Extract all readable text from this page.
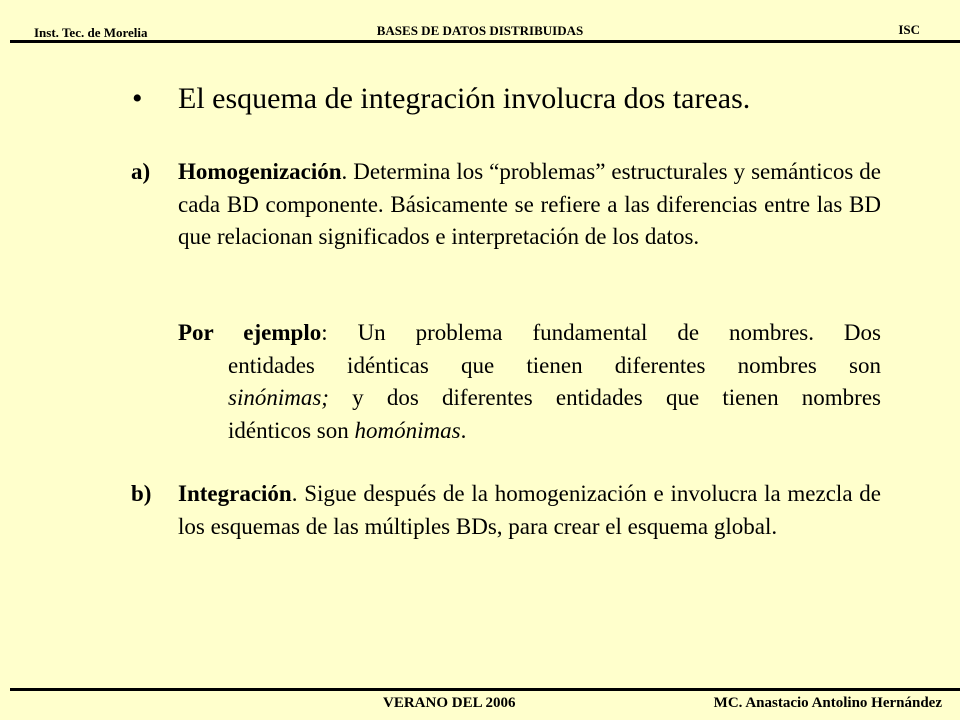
Inst. Tec. de Morelia	BASES DE DATOS DISTRIBUIDAS	ISC
• El esquema de integración involucra dos tareas.
a) Homogenización. Determina los “problemas” estructurales y semánticos de cada BD componente. Básicamente se refiere a las diferencias entre las BD que relacionan significados e interpretación de los datos.
Por ejemplo: Un problema fundamental de nombres. Dos
entidades idénticas que tienen diferentes nombres son
sinónimas; y dos diferentes entidades que tienen nombres
idénticos son homónimas.
b) Integración. Sigue después de la homogenización e involucra la mezcla de los esquemas de las múltiples BDs, para crear el esquema global.
VERANO DEL 2006	MC. Anastacio Antolino Hernández
